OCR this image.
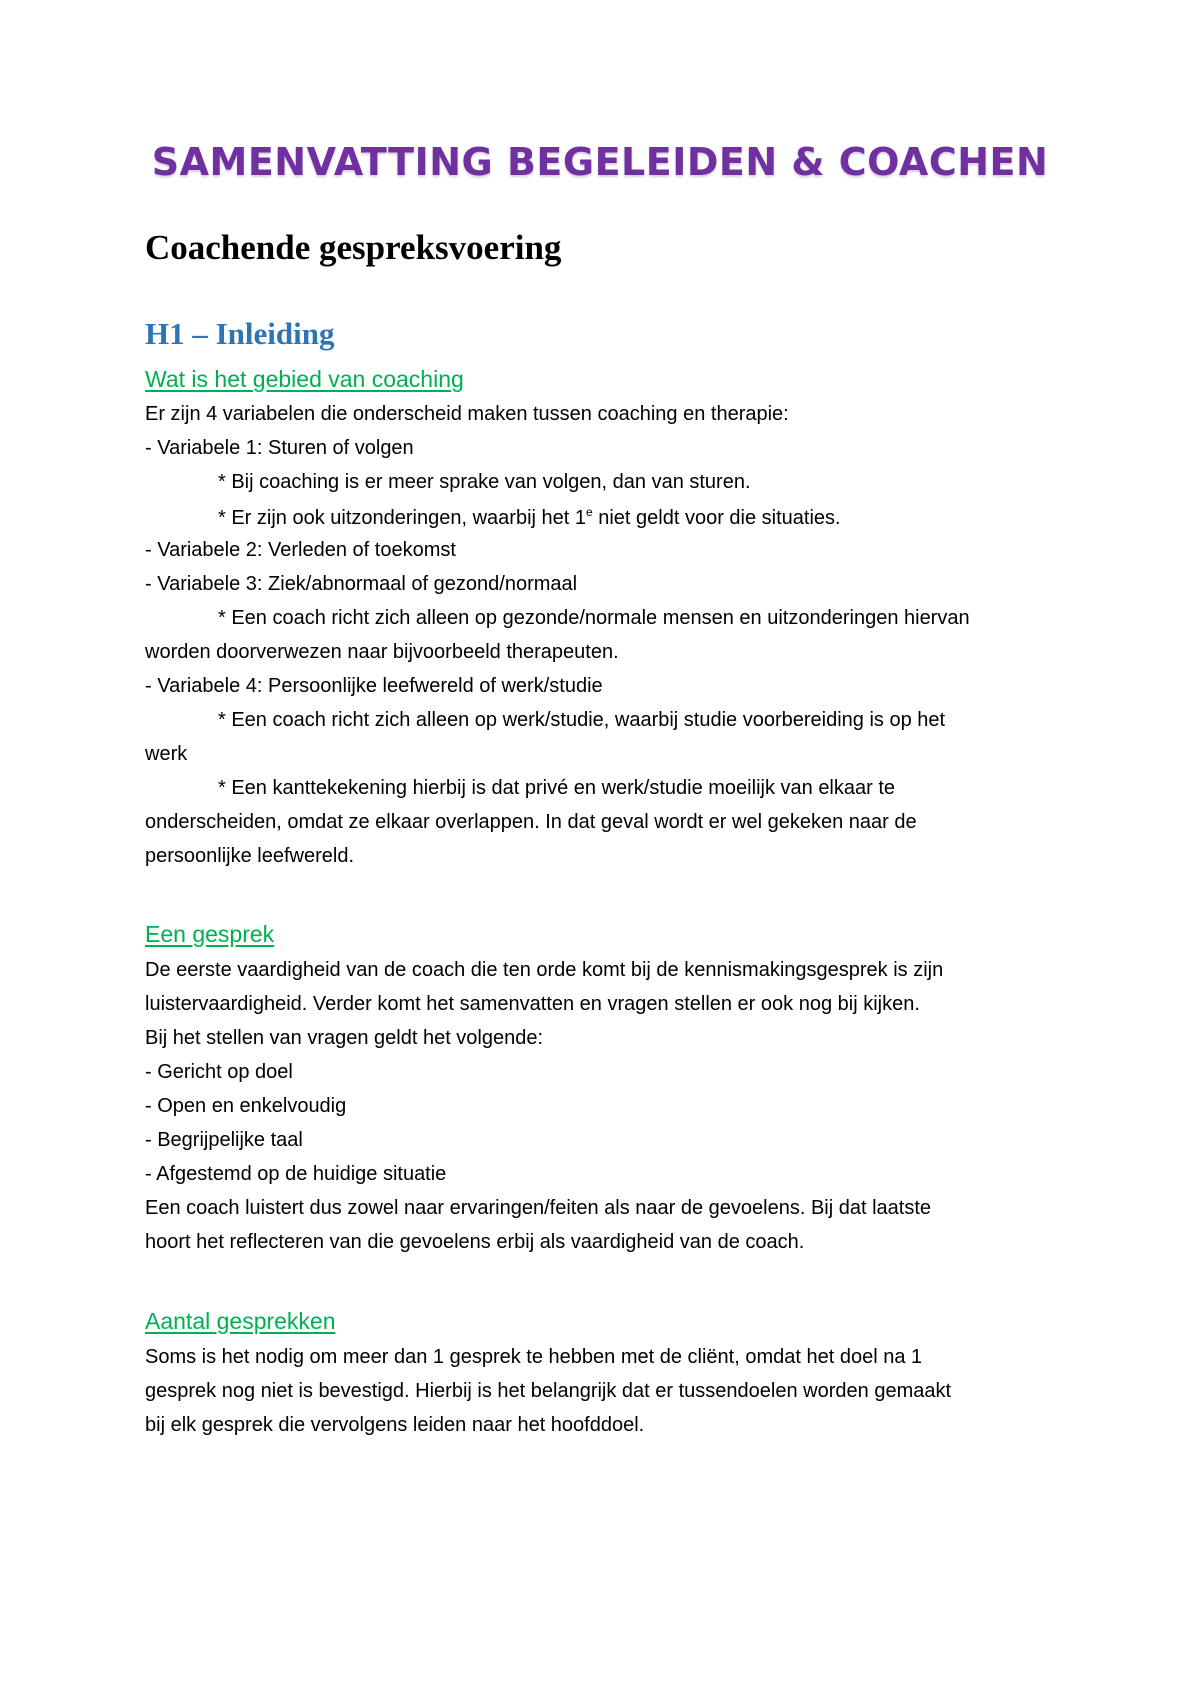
SAMENVATTING BEGELEIDEN & COACHEN
Coachende gespreksvoering
H1 – Inleiding
Wat is het gebied van coaching
Er zijn 4 variabelen die onderscheid maken tussen coaching en therapie:
- Variabele 1: Sturen of volgen
* Bij coaching is er meer sprake van volgen, dan van sturen.
* Er zijn ook uitzonderingen, waarbij het 1e niet geldt voor die situaties.
- Variabele 2: Verleden of toekomst
- Variabele 3: Ziek/abnormaal of gezond/normaal
* Een coach richt zich alleen op gezonde/normale mensen en uitzonderingen hiervan
worden doorverwezen naar bijvoorbeeld therapeuten.
- Variabele 4: Persoonlijke leefwereld of werk/studie
* Een coach richt zich alleen op werk/studie, waarbij studie voorbereiding is op het
werk
* Een kanttekekening hierbij is dat privé en werk/studie moeilijk van elkaar te
onderscheiden, omdat ze elkaar overlappen. In dat geval wordt er wel gekeken naar de
persoonlijke leefwereld.
Een gesprek
De eerste vaardigheid van de coach die ten orde komt bij de kennismakingsgesprek is zijn
luistervaardigheid. Verder komt het samenvatten en vragen stellen er ook nog bij kijken.
Bij het stellen van vragen geldt het volgende:
- Gericht op doel
- Open en enkelvoudig
- Begrijpelijke taal
- Afgestemd op de huidige situatie
Een coach luistert dus zowel naar ervaringen/feiten als naar de gevoelens. Bij dat laatste
hoort het reflecteren van die gevoelens erbij als vaardigheid van de coach.
Aantal gesprekken
Soms is het nodig om meer dan 1 gesprek te hebben met de cliënt, omdat het doel na 1
gesprek nog niet is bevestigd. Hierbij is het belangrijk dat er tussendoelen worden gemaakt
bij elk gesprek die vervolgens leiden naar het hoofddoel.
